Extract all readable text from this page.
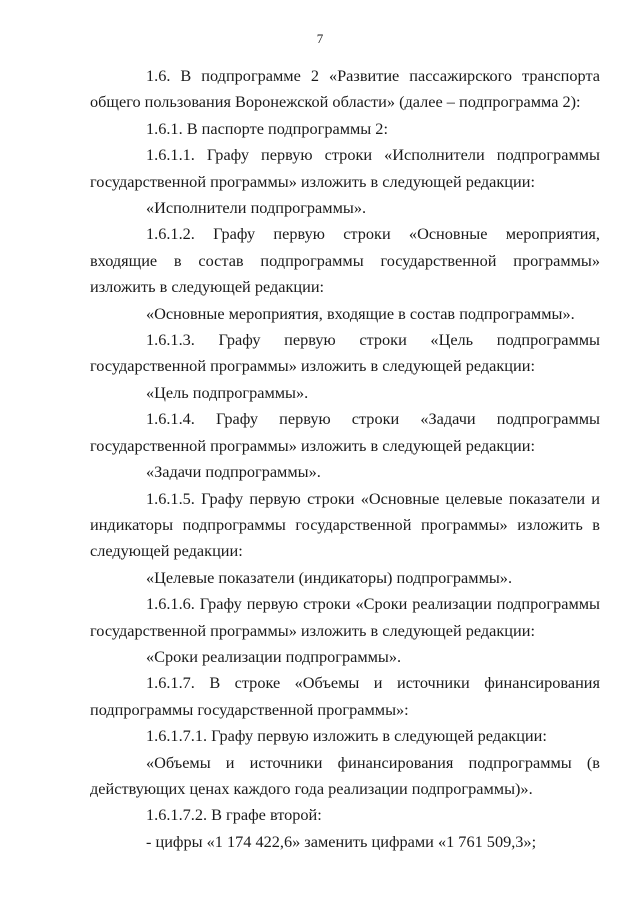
7

1.6. В подпрограмме 2 «Развитие пассажирского транспорта общего пользования Воронежской области» (далее – подпрограмма 2):

1.6.1. В паспорте подпрограммы 2:

1.6.1.1. Графу первую строки «Исполнители подпрограммы государственной программы» изложить в следующей редакции:

«Исполнители подпрограммы».

1.6.1.2. Графу первую строки «Основные мероприятия, входящие в состав подпрограммы государственной программы» изложить в следующей редакции:

«Основные мероприятия, входящие в состав подпрограммы».

1.6.1.3. Графу первую строки «Цель подпрограммы государственной программы» изложить в следующей редакции:

«Цель подпрограммы».

1.6.1.4. Графу первую строки «Задачи подпрограммы государственной программы» изложить в следующей редакции:

«Задачи подпрограммы».

1.6.1.5. Графу первую строки «Основные целевые показатели и индикаторы подпрограммы государственной программы» изложить в следующей редакции:

«Целевые показатели (индикаторы) подпрограммы».

1.6.1.6. Графу первую строки «Сроки реализации подпрограммы государственной программы» изложить в следующей редакции:

«Сроки реализации подпрограммы».

1.6.1.7. В строке «Объемы и источники финансирования подпрограммы государственной программы»:

1.6.1.7.1. Графу первую изложить в следующей редакции:

«Объемы и источники финансирования подпрограммы (в действующих ценах каждого года реализации подпрограммы)».

1.6.1.7.2. В графе второй:

- цифры «1 174 422,6» заменить цифрами «1 761 509,3»;
